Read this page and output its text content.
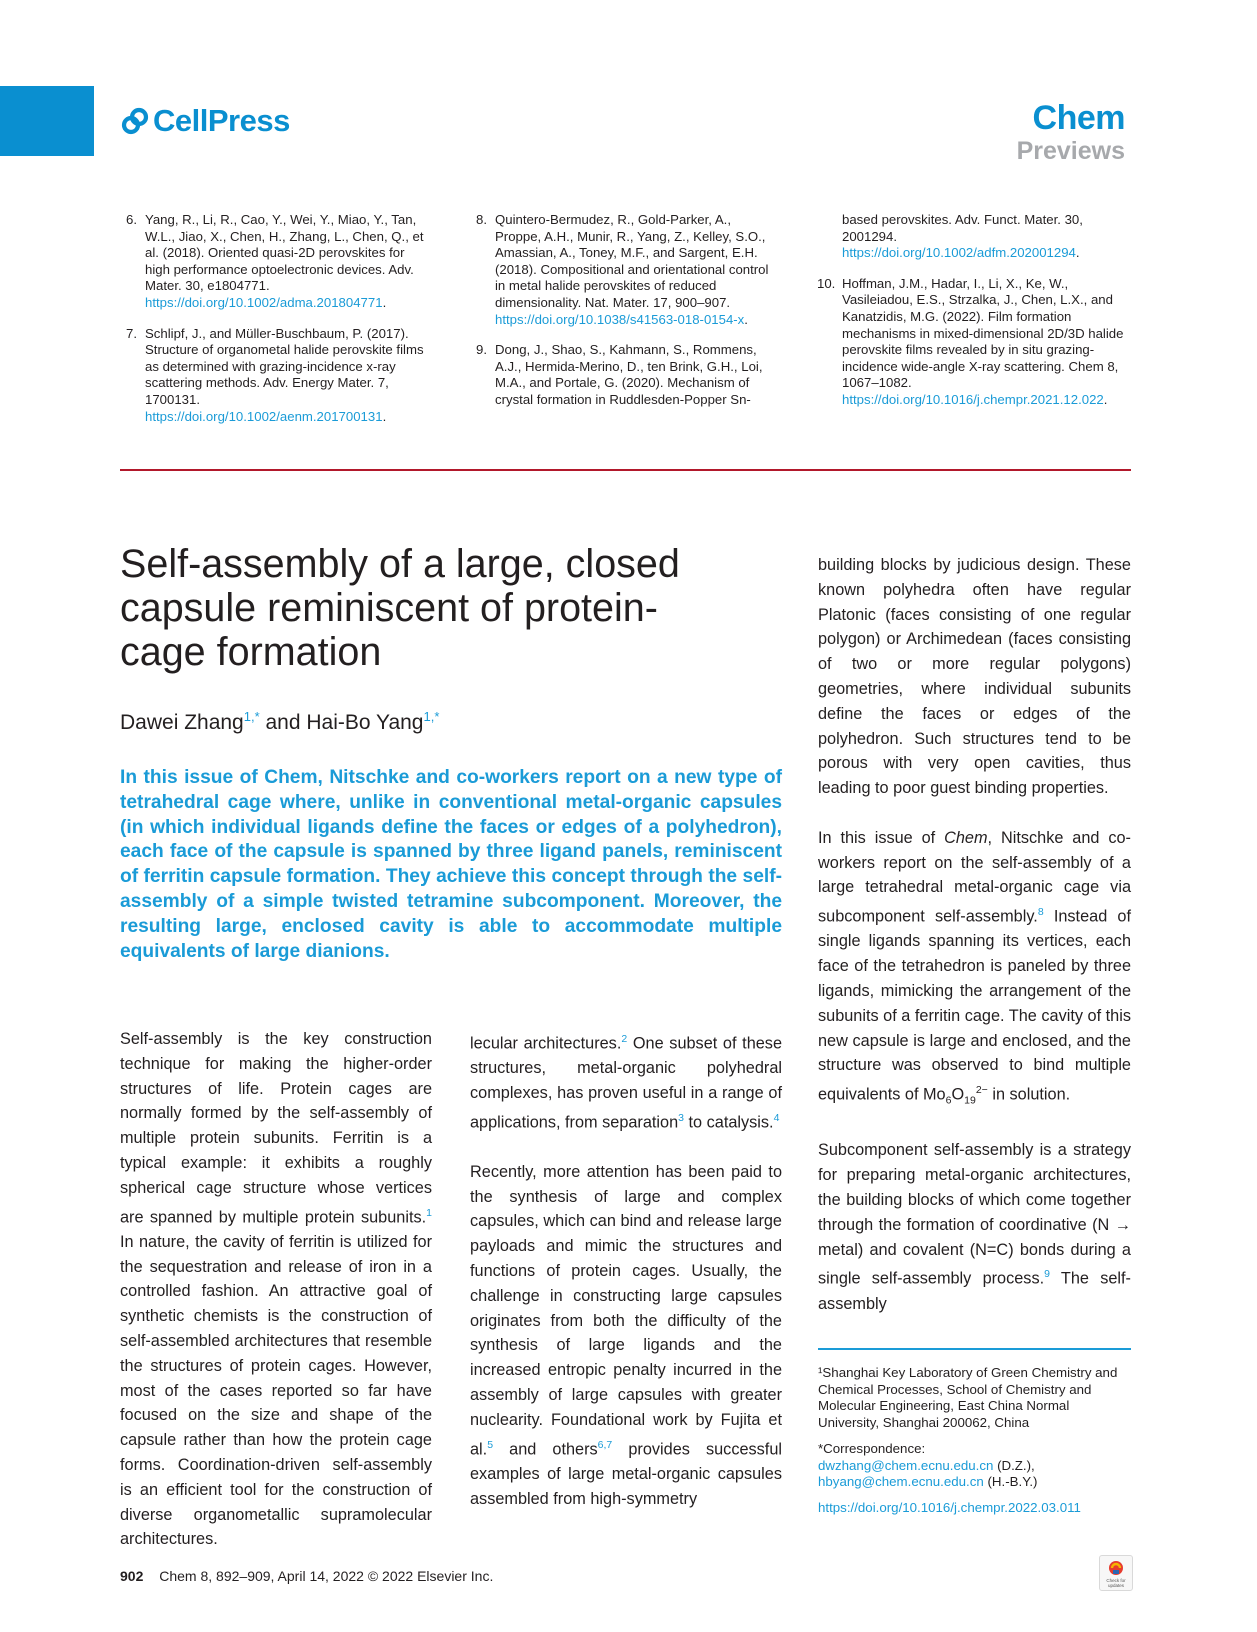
CellPress	Chem
Previews
6. Yang, R., Li, R., Cao, Y., Wei, Y., Miao, Y., Tan, W.L., Jiao, X., Chen, H., Zhang, L., Chen, Q., et al. (2018). Oriented quasi-2D perovskites for high performance optoelectronic devices. Adv. Mater. 30, e1804771. https://doi.org/10.1002/adma.201804771.
7. Schlipf, J., and Müller-Buschbaum, P. (2017). Structure of organometal halide perovskite films as determined with grazing-incidence x-ray scattering methods. Adv. Energy Mater. 7, 1700131. https://doi.org/10.1002/aenm.201700131.
8. Quintero-Bermudez, R., Gold-Parker, A., Proppe, A.H., Munir, R., Yang, Z., Kelley, S.O., Amassian, A., Toney, M.F., and Sargent, E.H. (2018). Compositional and orientational control in metal halide perovskites of reduced dimensionality. Nat. Mater. 17, 900–907. https://doi.org/10.1038/s41563-018-0154-x.
9. Dong, J., Shao, S., Kahmann, S., Rommens, A.J., Hermida-Merino, D., ten Brink, G.H., Loi, M.A., and Portale, G. (2020). Mechanism of crystal formation in Ruddlesden-Popper Sn-
based perovskites. Adv. Funct. Mater. 30, 2001294. https://doi.org/10.1002/adfm.202001294.
10. Hoffman, J.M., Hadar, I., Li, X., Ke, W., Vasileiadou, E.S., Strzalka, J., Chen, L.X., and Kanatzidis, M.G. (2022). Film formation mechanisms in mixed-dimensional 2D/3D halide perovskite films revealed by in situ grazing-incidence wide-angle X-ray scattering. Chem 8, 1067–1082. https://doi.org/10.1016/j.chempr.2021.12.022.
Self-assembly of a large, closed capsule reminiscent of protein-cage formation
Dawei Zhang$^{1,*}$ and Hai-Bo Yang$^{1,*}$
In this issue of Chem, Nitschke and co-workers report on a new type of tetrahedral cage where, unlike in conventional metal-organic capsules (in which individual ligands define the faces or edges of a polyhedron), each face of the capsule is spanned by three ligand panels, reminiscent of ferritin capsule formation. They achieve this concept through the self-assembly of a simple twisted tetramine subcomponent. Moreover, the resulting large, enclosed cavity is able to accommodate multiple equivalents of large dianions.

Self-assembly is the key construction technique for making the higher-order structures of life. Protein cages are normally formed by the self-assembly of multiple protein subunits. Ferritin is a typical example: it exhibits a roughly spherical cage structure whose vertices are spanned by multiple protein subunits.$^1$ In nature, the cavity of ferritin is utilized for the sequestration and release of iron in a controlled fashion. An attractive goal of synthetic chemists is the construction of self-assembled architectures that resemble the structures of protein cages. However, most of the cases reported so far have focused on the size and shape of the capsule rather than how the protein cage forms. Coordination-driven self-assembly is an efficient tool for the construction of diverse organometallic supramolecular architectures.

lecular architectures.$^2$ One subset of these structures, metal-organic polyhedral complexes, has proven useful in a range of applications, from separation$^3$ to catalysis.$^4$

Recently, more attention has been paid to the synthesis of large and complex capsules, which can bind and release large payloads and mimic the structures and functions of protein cages. Usually, the challenge in constructing large capsules originates from both the difficulty of the synthesis of large ligands and the increased entropic penalty incurred in the assembly of large capsules with greater nuclearity. Foundational work by Fujita et al.$^5$ and others$^{6,7}$ provides successful examples of large metal-organic capsules assembled from high-symmetry

building blocks by judicious design. These known polyhedra often have regular Platonic (faces consisting of one regular polygon) or Archimedean (faces consisting of two or more regular polygons) geometries, where individual subunits define the faces or edges of the polyhedron. Such structures tend to be porous with very open cavities, thus leading to poor guest binding properties.

In this issue of Chem, Nitschke and co-workers report on the self-assembly of a large tetrahedral metal-organic cage via subcomponent self-assembly.$^8$ Instead of single ligands spanning its vertices, each face of the tetrahedron is paneled by three ligands, mimicking the arrangement of the subunits of a ferritin cage. The cavity of this new capsule is large and enclosed, and the structure was observed to bind multiple equivalents of $Mo_6O_{19}^{2-}$ in solution.

Subcomponent self-assembly is a strategy for preparing metal-organic architectures, the building blocks of which come together through the formation of coordinative (N → metal) and covalent (N=C) bonds during a single self-assembly process.$^9$ The self-assembly

¹Shanghai Key Laboratory of Green Chemistry and Chemical Processes, School of Chemistry and Molecular Engineering, East China Normal University, Shanghai 200062, China

*Correspondence:
dwzhang@chem.ecnu.edu.cn (D.Z.),
hbyang@chem.ecnu.edu.cn (H.-B.Y.)

https://doi.org/10.1016/j.chempr.2022.03.011

902 Chem 8, 892–909, April 14, 2022 © 2022 Elsevier Inc.	Check for updates
